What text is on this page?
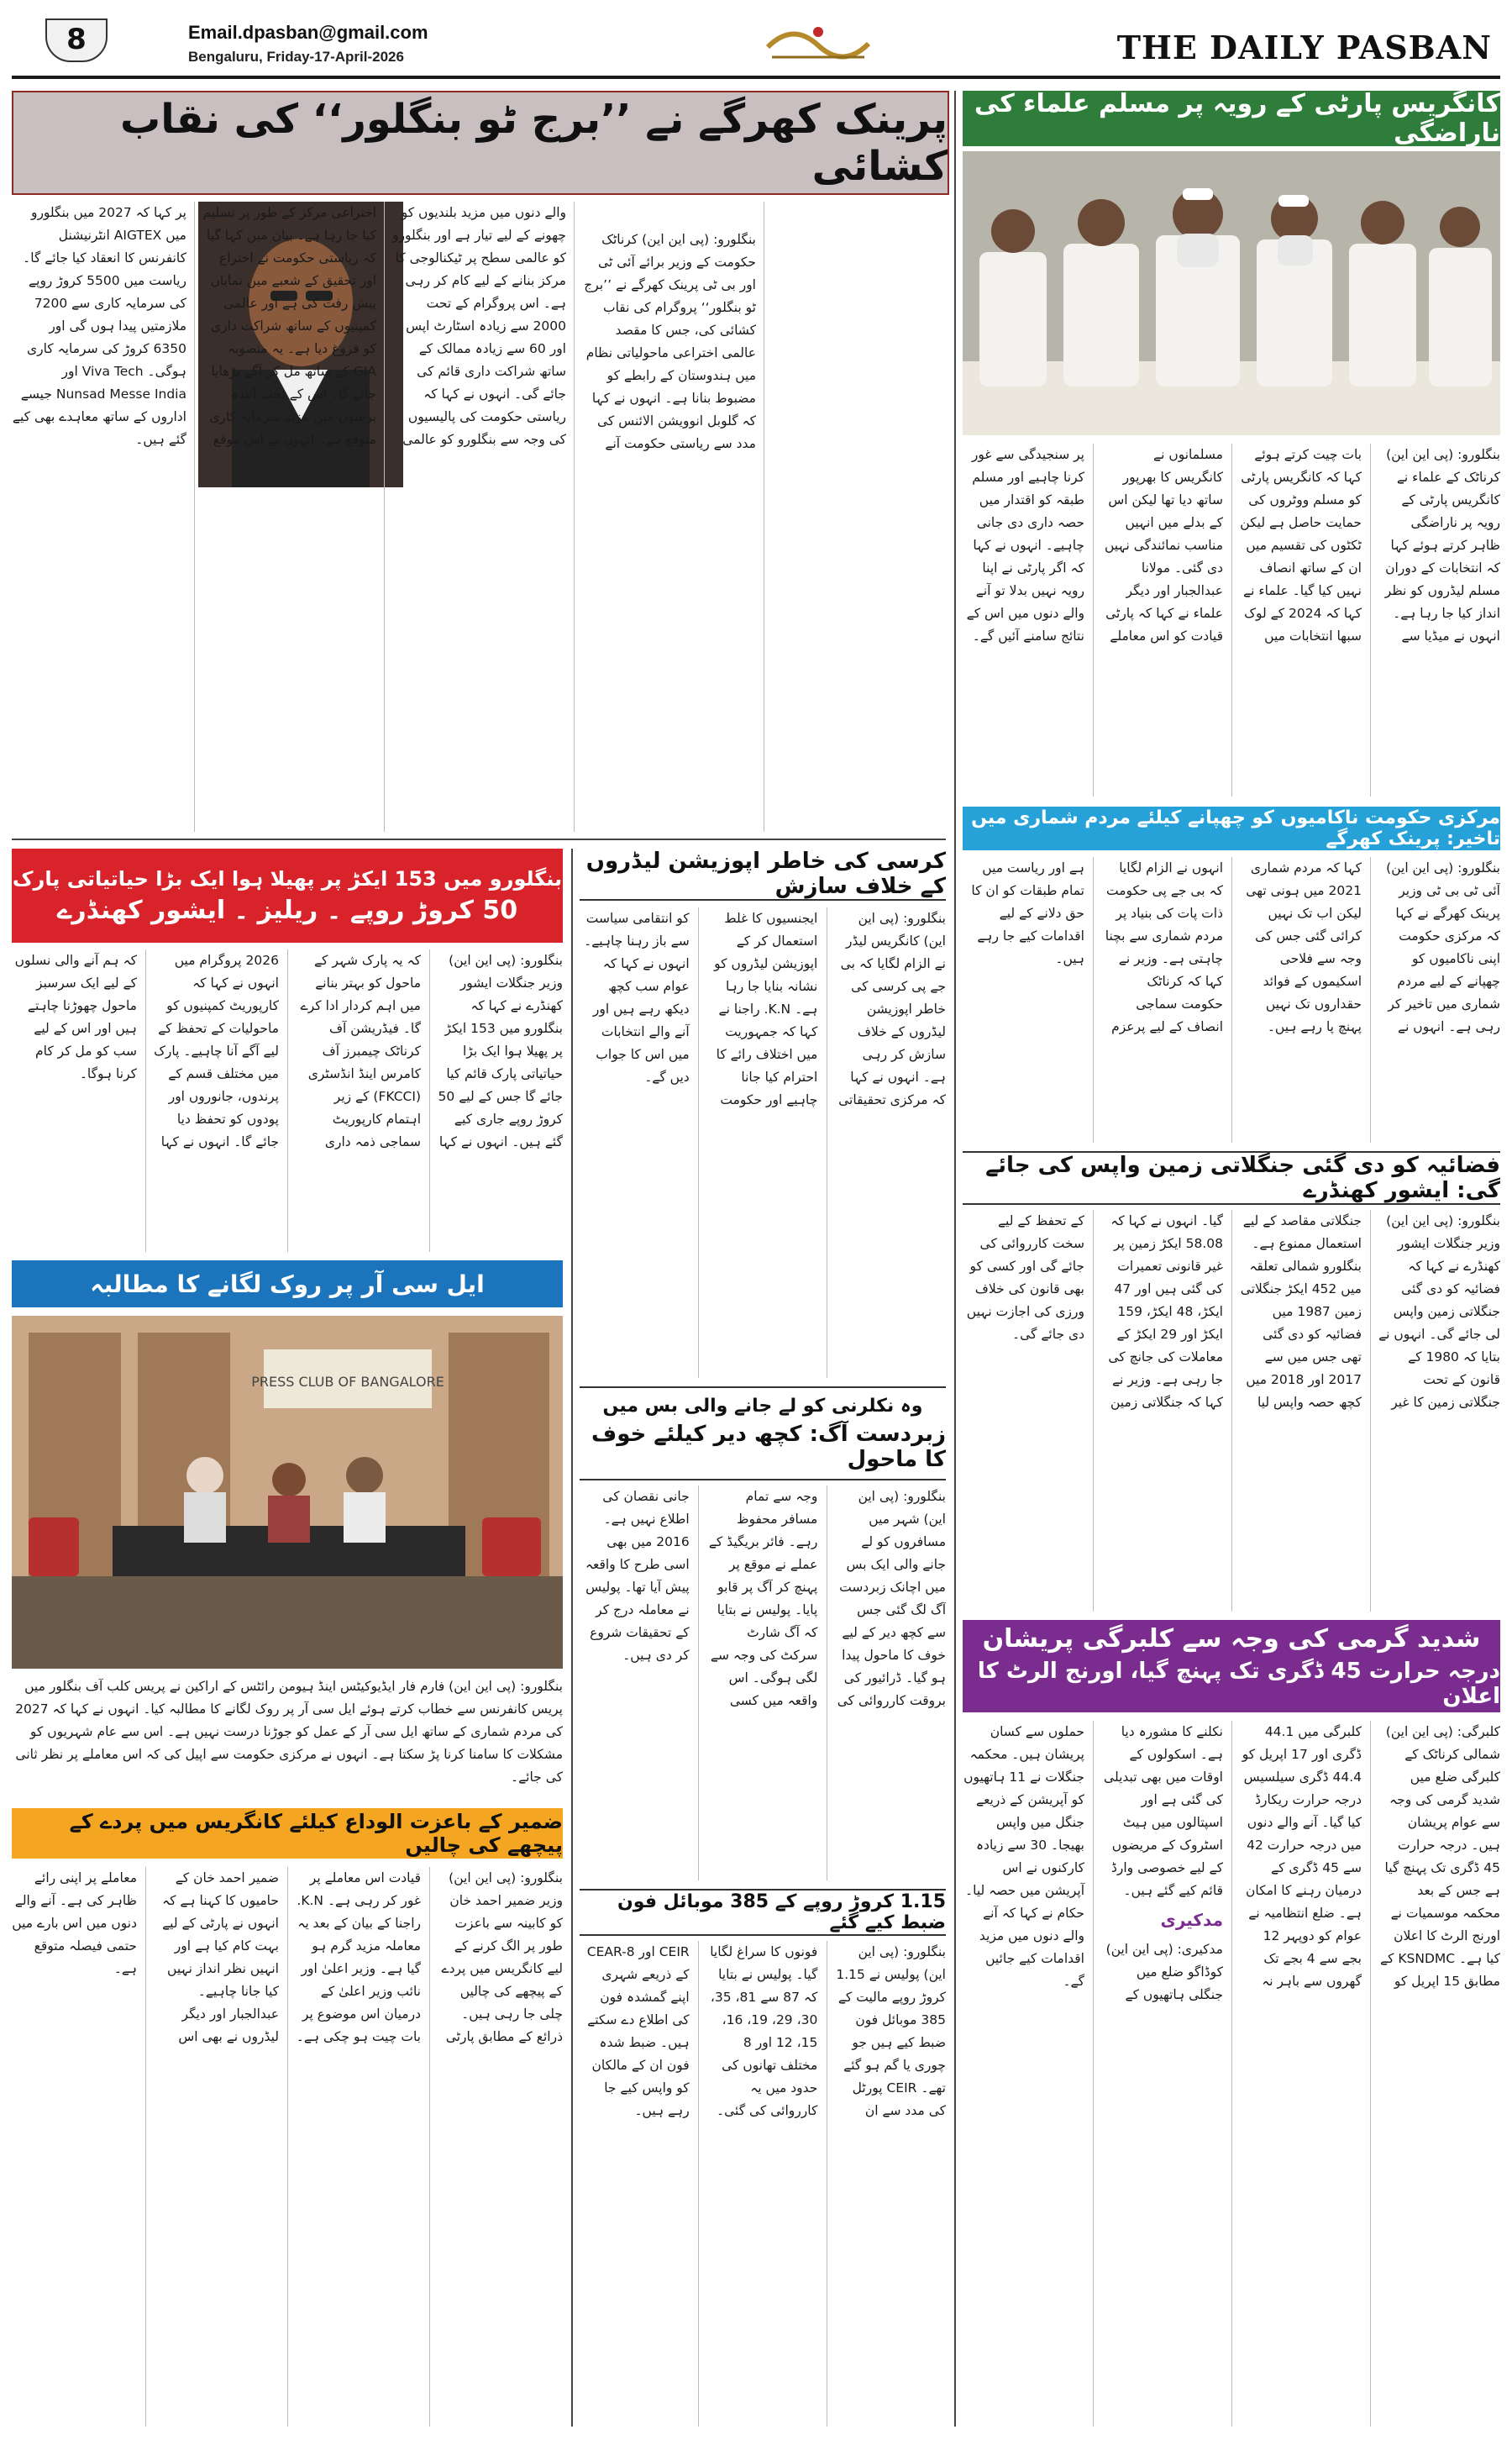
8	Email.dpasban@gmail.com
Bengaluru, Friday-17-April-2026	THE DAILY PASBAN
کانگریس پارٹی کے رویہ پر مسلم علماء کی ناراضگی
بنگلورو: (پی این این) کرناٹک کے علماء نے کانگریس پارٹی کے رویہ پر ناراضگی ظاہر کرتے ہوئے کہا کہ انتخابات کے دوران مسلم لیڈروں کو نظر انداز کیا جا رہا ہے۔ انہوں نے میڈیا سے بات چیت کرتے ہوئے کہا کہ کانگریس پارٹی کو مسلم ووٹروں کی حمایت حاصل ہے لیکن ٹکٹوں کی تقسیم میں ان کے ساتھ انصاف نہیں کیا گیا۔ علماء نے کہا کہ 2024 کے لوک سبھا انتخابات میں مسلمانوں نے کانگریس کا بھرپور ساتھ دیا تھا لیکن اس کے بدلے میں انہیں مناسب نمائندگی نہیں دی گئی۔ مولانا عبدالجبار اور دیگر علماء نے کہا کہ پارٹی قیادت کو اس معاملے پر سنجیدگی سے غور کرنا چاہیے اور مسلم طبقہ کو اقتدار میں حصہ داری دی جانی چاہیے۔ انہوں نے کہا کہ اگر پارٹی نے اپنا رویہ نہیں بدلا تو آنے والے دنوں میں اس کے نتائج سامنے آئیں گے۔
مرکزی حکومت ناکامیوں کو چھپانے کیلئے مردم شماری میں تاخیر: پرینک کھرگے
بنگلورو: (پی این این) آئی ٹی بی ٹی وزیر پرینک کھرگے نے کہا کہ مرکزی حکومت اپنی ناکامیوں کو چھپانے کے لیے مردم شماری میں تاخیر کر رہی ہے۔ انہوں نے کہا کہ مردم شماری 2021 میں ہونی تھی لیکن اب تک نہیں کرائی گئی جس کی وجہ سے فلاحی اسکیموں کے فوائد حقداروں تک نہیں پہنچ پا رہے ہیں۔ انہوں نے الزام لگایا کہ بی جے پی حکومت ذات پات کی بنیاد پر مردم شماری سے بچنا چاہتی ہے۔ وزیر نے کہا کہ کرناٹک حکومت سماجی انصاف کے لیے پرعزم ہے اور ریاست میں تمام طبقات کو ان کا حق دلانے کے لیے اقدامات کیے جا رہے ہیں۔
فضائیہ کو دی گئی جنگلاتی زمین واپس کی جائے گی: ایشور کھنڈرے
بنگلورو: (پی این این) وزیر جنگلات ایشور کھنڈرے نے کہا کہ فضائیہ کو دی گئی جنگلاتی زمین واپس لی جائے گی۔ انہوں نے بتایا کہ 1980 کے قانون کے تحت جنگلاتی زمین کا غیر جنگلاتی مقاصد کے لیے استعمال ممنوع ہے۔ بنگلورو شمالی تعلقہ میں 452 ایکڑ جنگلاتی زمین 1987 میں فضائیہ کو دی گئی تھی جس میں سے 2017 اور 2018 میں کچھ حصہ واپس لیا گیا۔ انہوں نے کہا کہ 58.08 ایکڑ زمین پر غیر قانونی تعمیرات کی گئی ہیں اور 47 ایکڑ، 48 ایکڑ، 159 ایکڑ اور 29 ایکڑ کے معاملات کی جانچ کی جا رہی ہے۔ وزیر نے کہا کہ جنگلاتی زمین کے تحفظ کے لیے سخت کارروائی کی جائے گی اور کسی کو بھی قانون کی خلاف ورزی کی اجازت نہیں دی جائے گی۔
شدید گرمی کی وجہ سے کلبرگی پریشان
درجہ حرارت 45 ڈگری تک پہنچ گیا، اورنج الرٹ کا اعلان
کلبرگی: (پی این این) شمالی کرناٹک کے کلبرگی ضلع میں شدید گرمی کی وجہ سے عوام پریشان ہیں۔ درجہ حرارت 45 ڈگری تک پہنچ گیا ہے جس کے بعد محکمہ موسمیات نے اورنج الرٹ کا اعلان کیا ہے۔ KSNDMC کے مطابق 15 اپریل کو کلبرگی میں 44.1 ڈگری اور 17 اپریل کو 44.4 ڈگری سیلسیس درجہ حرارت ریکارڈ کیا گیا۔ آنے والے دنوں میں درجہ حرارت 42 سے 45 ڈگری کے درمیان رہنے کا امکان ہے۔ ضلع انتظامیہ نے عوام کو دوپہر 12 بجے سے 4 بجے تک گھروں سے باہر نہ نکلنے کا مشورہ دیا ہے۔ اسکولوں کے اوقات میں بھی تبدیلی کی گئی ہے اور اسپتالوں میں ہیٹ اسٹروک کے مریضوں کے لیے خصوصی وارڈ قائم کیے گئے ہیں۔
مدکیری
مدکیری: (پی این این) کوڈاگو ضلع میں جنگلی ہاتھیوں کے حملوں سے کسان پریشان ہیں۔ محکمہ جنگلات نے 11 ہاتھیوں کو آپریشن کے ذریعے جنگل میں واپس بھیجا۔ 30 سے زیادہ کارکنوں نے اس آپریشن میں حصہ لیا۔ حکام نے کہا کہ آنے والے دنوں میں مزید اقدامات کیے جائیں گے۔
پرینک کھرگے نے ’’برج ٹو بنگلور‘‘ کی نقاب کشائی
بنگلورو: (پی این این) کرناٹک حکومت کے وزیر برائے آئی ٹی اور بی ٹی پرینک کھرگے نے ’’برج ٹو بنگلور‘‘ پروگرام کی نقاب کشائی کی، جس کا مقصد عالمی اختراعی ماحولیاتی نظام میں ہندوستان کے رابطے کو مضبوط بنانا ہے۔ انہوں نے کہا کہ گلوبل انوویشن الائنس کی مدد سے ریاستی حکومت آنے والے دنوں میں مزید بلندیوں کو چھونے کے لیے تیار ہے اور بنگلورو کو عالمی سطح پر ٹیکنالوجی کا مرکز بنانے کے لیے کام کر رہی ہے۔ اس پروگرام کے تحت 2000 سے زیادہ اسٹارٹ اپس اور 60 سے زیادہ ممالک کے ساتھ شراکت داری قائم کی جائے گی۔ انہوں نے کہا کہ ریاستی حکومت کی پالیسیوں کی وجہ سے بنگلورو کو عالمی اختراعی مرکز کے طور پر تسلیم کیا جا رہا ہے۔ بیان میں کہا گیا کہ ریاستی حکومت نے اختراع اور تحقیق کے شعبے میں نمایاں پیش رفت کی ہے اور عالمی کمپنیوں کے ساتھ شراکت داری کو فروغ دیا ہے۔ یہ منصوبہ GIA کے ساتھ مل کر آگے بڑھایا جائے گا۔ اس کے تحت آئندہ برسوں میں مزید سرمایہ کاری متوقع ہے۔ انہوں نے اس موقع پر کہا کہ 2027 میں بنگلورو میں AIGTEX انٹرنیشنل کانفرنس کا انعقاد کیا جائے گا۔ ریاست میں 5500 کروڑ روپے کی سرمایہ کاری سے 7200 ملازمتیں پیدا ہوں گی اور 6350 کروڑ کی سرمایہ کاری ہوگی۔ Viva Tech اور Nunsad Messe India جیسے اداروں کے ساتھ معاہدے بھی کیے گئے ہیں۔
بنگلورو میں 153 ایکڑ پر پھیلا ہوا ایک بڑا حیاتیاتی پارک
50 کروڑ روپے ۔ ریلیز ۔ ایشور کھنڈرے
بنگلورو: (پی این این) وزیر جنگلات ایشور کھنڈرے نے کہا کہ بنگلورو میں 153 ایکڑ پر پھیلا ہوا ایک بڑا حیاتیاتی پارک قائم کیا جائے گا جس کے لیے 50 کروڑ روپے جاری کیے گئے ہیں۔ انہوں نے کہا کہ یہ پارک شہر کے ماحول کو بہتر بنانے میں اہم کردار ادا کرے گا۔ فیڈریشن آف کرناٹک چیمبرز آف کامرس اینڈ انڈسٹری (FKCCI) کے زیر اہتمام کارپوریٹ سماجی ذمہ داری 2026 پروگرام میں انہوں نے کہا کہ کارپوریٹ کمپنیوں کو ماحولیات کے تحفظ کے لیے آگے آنا چاہیے۔ پارک میں مختلف قسم کے پرندوں، جانوروں اور پودوں کو تحفظ دیا جائے گا۔ انہوں نے کہا کہ ہم آنے والی نسلوں کے لیے ایک سرسبز ماحول چھوڑنا چاہتے ہیں اور اس کے لیے سب کو مل کر کام کرنا ہوگا۔
ایل سی آر پر روک لگانے کا مطالبہ
PRESS CLUB OF BANGALORE
بنگلورو: (پی این این) فارم فار ایڈیوکیٹس اینڈ ہیومن رائٹس کے اراکین نے پریس کلب آف بنگلور میں پریس کانفرنس سے خطاب کرتے ہوئے ایل سی آر پر روک لگانے کا مطالبہ کیا۔ انہوں نے کہا کہ 2027 کی مردم شماری کے ساتھ ایل سی آر کے عمل کو جوڑنا درست نہیں ہے۔ اس سے عام شہریوں کو مشکلات کا سامنا کرنا پڑ سکتا ہے۔ انہوں نے مرکزی حکومت سے اپیل کی کہ اس معاملے پر نظر ثانی کی جائے۔
ضمیر کے باعزت الوداع کیلئے کانگریس میں پردے کے پیچھے کی چالیں
بنگلورو: (پی این این) وزیر ضمیر احمد خان کو کابینہ سے باعزت طور پر الگ کرنے کے لیے کانگریس میں پردے کے پیچھے کی چالیں چلی جا رہی ہیں۔ ذرائع کے مطابق پارٹی قیادت اس معاملے پر غور کر رہی ہے۔ K.N. راجنا کے بیان کے بعد یہ معاملہ مزید گرم ہو گیا ہے۔ وزیر اعلیٰ اور نائب وزیر اعلیٰ کے درمیان اس موضوع پر بات چیت ہو چکی ہے۔ ضمیر احمد خان کے حامیوں کا کہنا ہے کہ انہوں نے پارٹی کے لیے بہت کام کیا ہے اور انہیں نظر انداز نہیں کیا جانا چاہیے۔ عبدالجبار اور دیگر لیڈروں نے بھی اس معاملے پر اپنی رائے ظاہر کی ہے۔ آنے والے دنوں میں اس بارے میں حتمی فیصلہ متوقع ہے۔
کرسی کی خاطر اپوزیشن لیڈروں کے خلاف سازش
بنگلورو: (پی این این) کانگریس لیڈر نے الزام لگایا کہ بی جے پی کرسی کی خاطر اپوزیشن لیڈروں کے خلاف سازش کر رہی ہے۔ انہوں نے کہا کہ مرکزی تحقیقاتی ایجنسیوں کا غلط استعمال کر کے اپوزیشن لیڈروں کو نشانہ بنایا جا رہا ہے۔ K.N. راجنا نے کہا کہ جمہوریت میں اختلاف رائے کا احترام کیا جانا چاہیے اور حکومت کو انتقامی سیاست سے باز رہنا چاہیے۔ انہوں نے کہا کہ عوام سب کچھ دیکھ رہے ہیں اور آنے والے انتخابات میں اس کا جواب دیں گے۔
وہ نکلرنی کو لے جانے والی بس میں
زبردست آگ: کچھ دیر کیلئے خوف کا ماحول
بنگلورو: (پی این این) شہر میں مسافروں کو لے جانے والی ایک بس میں اچانک زبردست آگ لگ گئی جس سے کچھ دیر کے لیے خوف کا ماحول پیدا ہو گیا۔ ڈرائیور کی بروقت کارروائی کی وجہ سے تمام مسافر محفوظ رہے۔ فائر بریگیڈ کے عملے نے موقع پر پہنچ کر آگ پر قابو پایا۔ پولیس نے بتایا کہ آگ شارٹ سرکٹ کی وجہ سے لگی ہوگی۔ اس واقعہ میں کسی جانی نقصان کی اطلاع نہیں ہے۔ 2016 میں بھی اسی طرح کا واقعہ پیش آیا تھا۔ پولیس نے معاملہ درج کر کے تحقیقات شروع کر دی ہیں۔
1.15 کروڑ روپے کے 385 موبائل فون ضبط کیے گئے
بنگلورو: (پی این این) پولیس نے 1.15 کروڑ روپے مالیت کے 385 موبائل فون ضبط کیے ہیں جو چوری یا گم ہو گئے تھے۔ CEIR پورٹل کی مدد سے ان فونوں کا سراغ لگایا گیا۔ پولیس نے بتایا کہ 87 سے 81، 35، 30، 29، 19، 16، 15، 12 اور 8 مختلف تھانوں کی حدود میں یہ کارروائی کی گئی۔ CEIR اور CEAR-8 کے ذریعے شہری اپنے گمشدہ فون کی اطلاع دے سکتے ہیں۔ ضبط شدہ فون ان کے مالکان کو واپس کیے جا رہے ہیں۔
